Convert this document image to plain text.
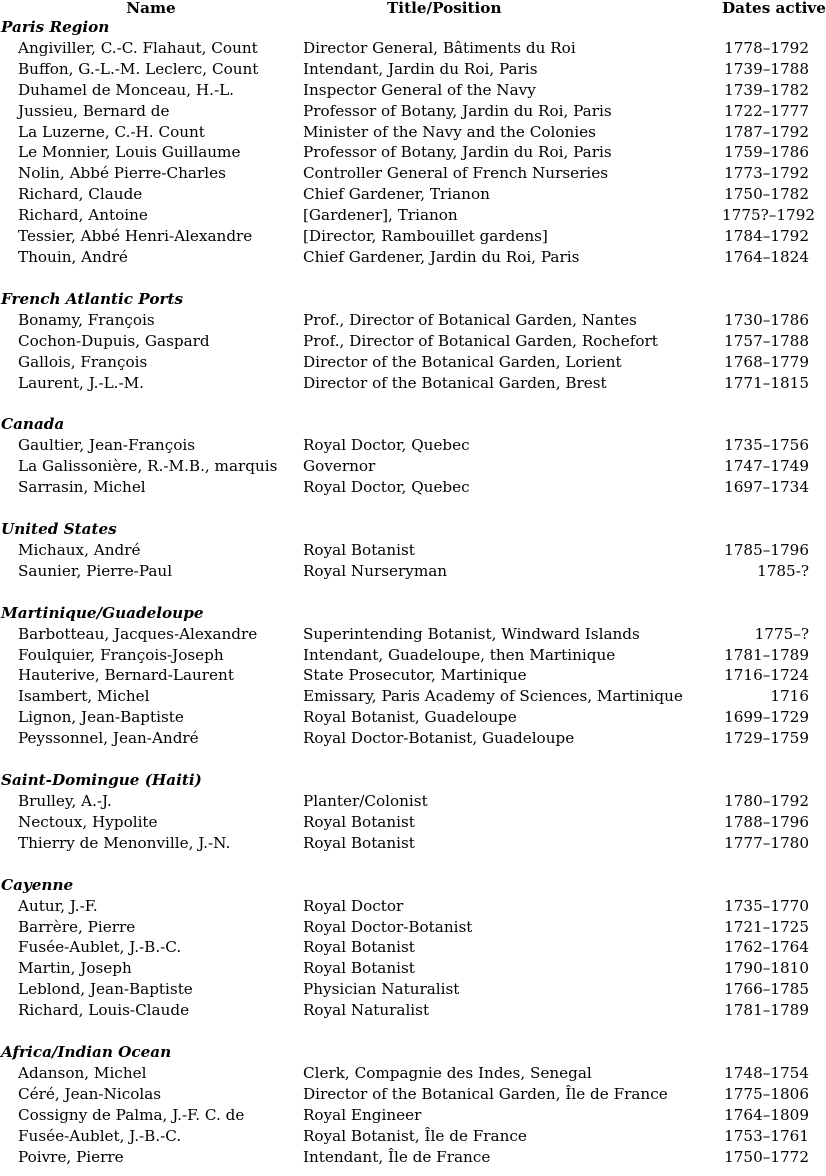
Name	Title/Position	Dates active
Paris Region		
Angiviller, C.-C. Flahaut, Count	Director General, Bâtiments du Roi	1778–1792
Buffon, G.-L.-M. Leclerc, Count	Intendant, Jardin du Roi, Paris	1739–1788
Duhamel de Monceau, H.-L.	Inspector General of the Navy	1739–1782
Jussieu, Bernard de	Professor of Botany, Jardin du Roi, Paris	1722–1777
La Luzerne, C.-H. Count	Minister of the Navy and the Colonies	1787–1792
Le Monnier, Louis Guillaume	Professor of Botany, Jardin du Roi, Paris	1759–1786
Nolin, Abbé Pierre-Charles	Controller General of French Nurseries	1773–1792
Richard, Claude	Chief Gardener, Trianon	1750–1782
Richard, Antoine	[Gardener], Trianon	1775?–1792
Tessier, Abbé Henri-Alexandre	[Director, Rambouillet gardens]	1784–1792
Thouin, André	Chief Gardener, Jardin du Roi, Paris	1764–1824

French Atlantic Ports		
Bonamy, François	Prof., Director of Botanical Garden, Nantes	1730–1786
Cochon-Dupuis, Gaspard	Prof., Director of Botanical Garden, Rochefort	1757–1788
Gallois, François	Director of the Botanical Garden, Lorient	1768–1779
Laurent, J.-L.-M.	Director of the Botanical Garden, Brest	1771–1815

Canada		
Gaultier, Jean-François	Royal Doctor, Quebec	1735–1756
La Galissonière, R.-M.B., marquis	Governor	1747–1749
Sarrasin, Michel	Royal Doctor, Quebec	1697–1734

United States		
Michaux, André	Royal Botanist	1785–1796
Saunier, Pierre-Paul	Royal Nurseryman	1785-?

Martinique/Guadeloupe		
Barbotteau, Jacques-Alexandre	Superintending Botanist, Windward Islands	1775–?
Foulquier, François-Joseph	Intendant, Guadeloupe, then Martinique	1781–1789
Hauterive, Bernard-Laurent	State Prosecutor, Martinique	1716–1724
Isambert, Michel	Emissary, Paris Academy of Sciences, Martinique	1716
Lignon, Jean-Baptiste	Royal Botanist, Guadeloupe	1699–1729
Peyssonnel, Jean-André	Royal Doctor-Botanist, Guadeloupe	1729–1759

Saint-Domingue (Haiti)		
Brulley, A.-J.	Planter/Colonist	1780–1792
Nectoux, Hypolite	Royal Botanist	1788–1796
Thierry de Menonville, J.-N.	Royal Botanist	1777–1780

Cayenne		
Autur, J.-F.	Royal Doctor	1735–1770
Barrère, Pierre	Royal Doctor-Botanist	1721–1725
Fusée-Aublet, J.-B.-C.	Royal Botanist	1762–1764
Martin, Joseph	Royal Botanist	1790–1810
Leblond, Jean-Baptiste	Physician Naturalist	1766–1785
Richard, Louis-Claude	Royal Naturalist	1781–1789

Africa/Indian Ocean		
Adanson, Michel	Clerk, Compagnie des Indes, Senegal	1748–1754
Céré, Jean-Nicolas	Director of the Botanical Garden, Île de France	1775–1806
Cossigny de Palma, J.-F. C. de	Royal Engineer	1764–1809
Fusée-Aublet, J.-B.-C.	Royal Botanist, Île de France	1753–1761
Poivre, Pierre	Intendant, Île de France	1750–1772
